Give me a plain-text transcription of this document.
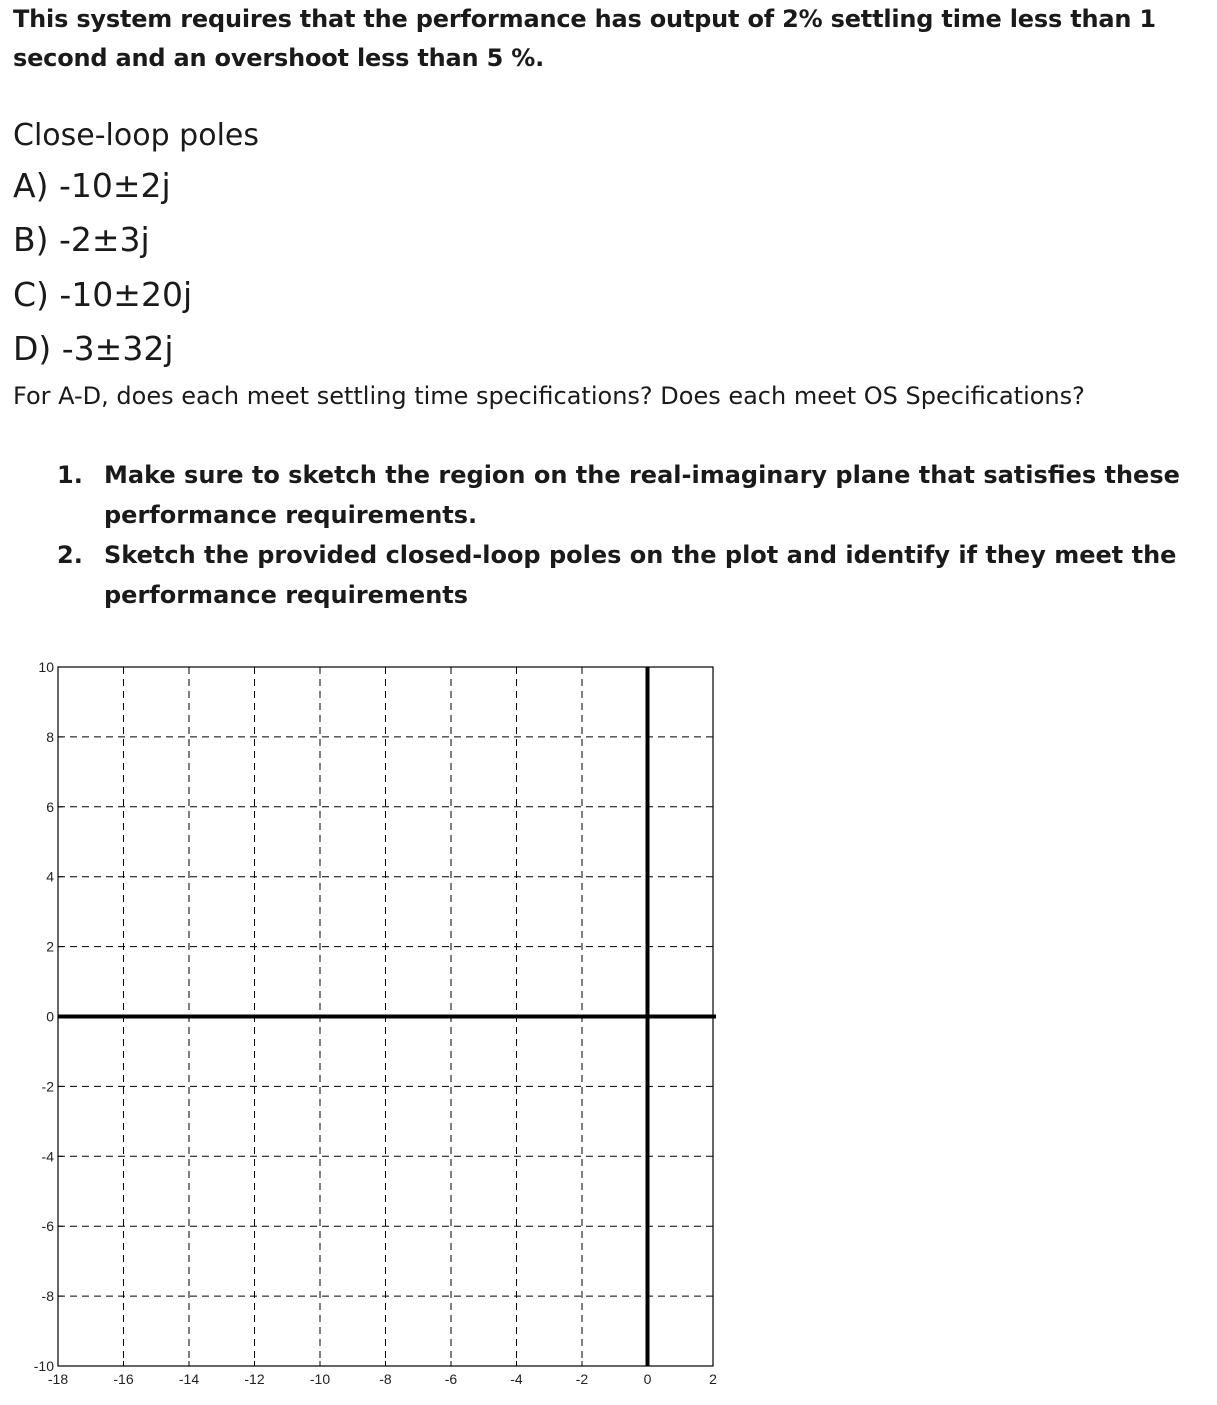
This system requires that the performance has output of 2% settling time less than 1 second and an overshoot less than 5 %.
Close-loop poles
A) -10±2j
B) -2±3j
C) -10±20j
D) -3±32j
For A-D, does each meet settling time specifications? Does each meet OS Specifications?
1. Make sure to sketch the region on the real-imaginary plane that satisfies these performance requirements.
2. Sketch the provided closed-loop poles on the plot and identify if they meet the performance requirements
-10
-8
-6
-4
-2
0
2
4
6
8
10
-18	-16	-14	-12	-10	-8	-6	-4	-2	0	2
